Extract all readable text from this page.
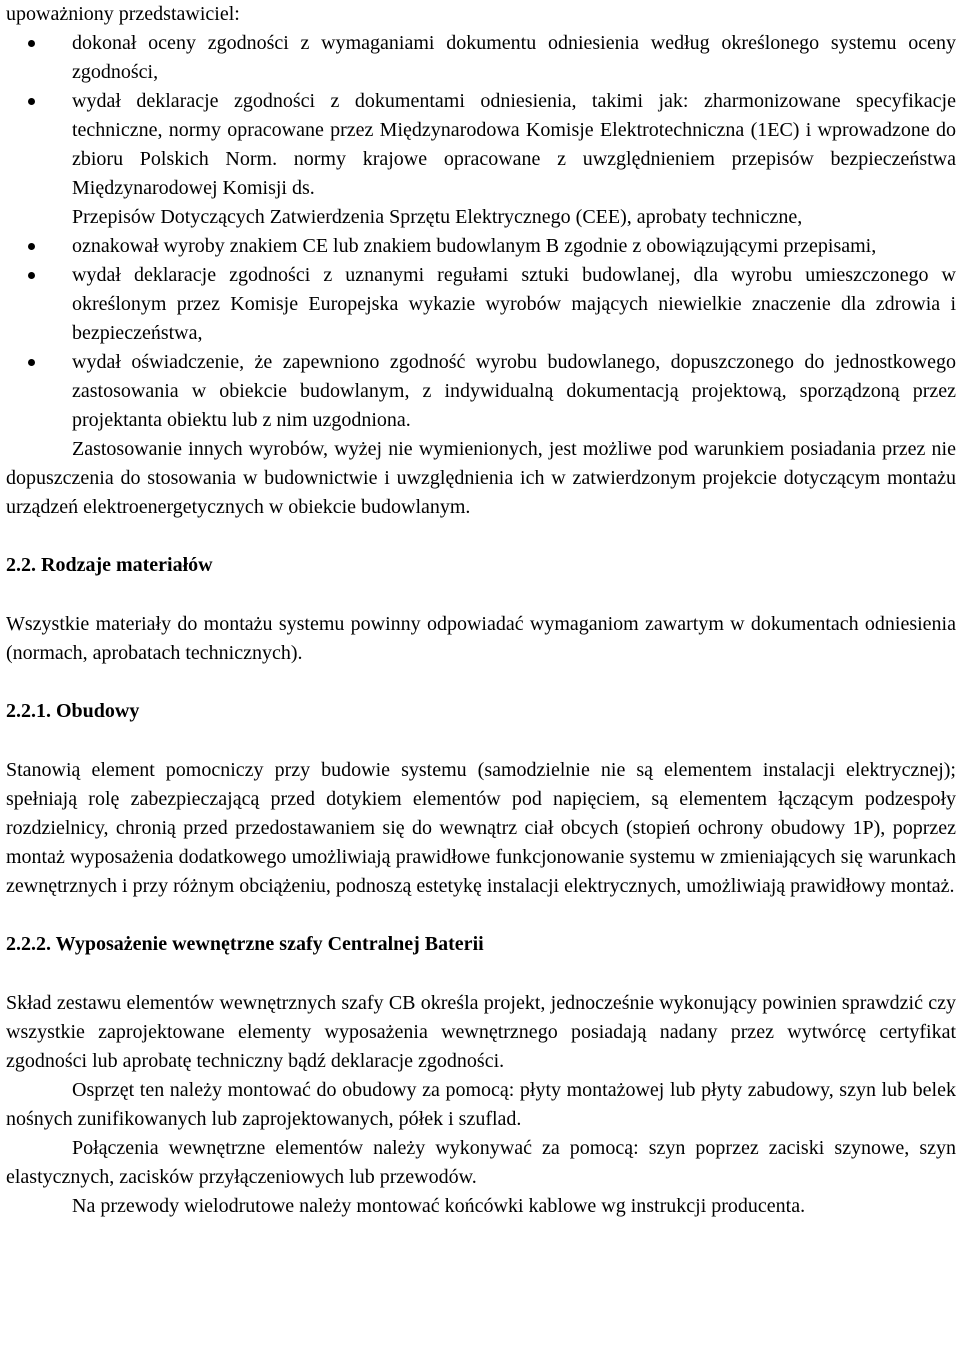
upoważniony przedstawiciel:

dokonał oceny zgodności z wymaganiami dokumentu odniesienia według określonego systemu oceny zgodności,
wydał deklaracje zgodności z dokumentami odniesienia, takimi jak: zharmonizowane specyfikacje techniczne, normy opracowane przez Międzynarodowa Komisje Elektrotechniczna (1EC) i wprowadzone do zbioru Polskich Norm. normy krajowe opracowane z uwzględnieniem przepisów bezpieczeństwa Międzynarodowej Komisji ds.

Przepisów Dotyczących Zatwierdzenia Sprzętu Elektrycznego (CEE), aprobaty techniczne,

oznakował wyroby znakiem CE lub znakiem budowlanym B zgodnie z obowiązującymi przepisami,
wydał deklaracje zgodności z uznanymi regułami sztuki budowlanej, dla wyrobu umieszczonego w określonym przez Komisje Europejska wykazie wyrobów mających niewielkie znaczenie dla zdrowia i bezpieczeństwa,
wydał oświadczenie, że zapewniono zgodność wyrobu budowlanego, dopuszczonego do jednostkowego zastosowania w obiekcie budowlanym, z indywidualną dokumentacją projektową, sporządzoną przez projektanta obiektu lub z nim uzgodniona.

Zastosowanie innych wyrobów, wyżej nie wymienionych, jest możliwe pod warunkiem posiadania przez nie dopuszczenia do stosowania w budownictwie i uwzględnienia ich w zatwierdzonym projekcie dotyczącym montażu urządzeń elektroenergetycznych w obiekcie budowlanym.

2.2. Rodzaje materiałów

Wszystkie materiały do montażu systemu powinny odpowiadać wymaganiom zawartym w dokumentach odniesienia (normach, aprobatach technicznych).

2.2.1. Obudowy

Stanowią element pomocniczy przy budowie systemu (samodzielnie nie są elementem instalacji elektrycznej); spełniają rolę zabezpieczającą przed dotykiem elementów pod napięciem, są elementem łączącym podzespoły rozdzielnicy, chronią przed przedostawaniem się do wewnątrz ciał obcych (stopień ochrony obudowy 1P), poprzez montaż wyposażenia dodatkowego umożliwiają prawidłowe funkcjonowanie systemu w zmieniających się warunkach zewnętrznych i przy różnym obciążeniu, podnoszą estetykę instalacji elektrycznych, umożliwiają prawidłowy montaż.

2.2.2. Wyposażenie wewnętrzne szafy Centralnej Baterii

Skład zestawu elementów wewnętrznych szafy CB określa projekt, jednocześnie wykonujący powinien sprawdzić czy wszystkie zaprojektowane elementy wyposażenia wewnętrznego posiadają nadany przez wytwórcę certyfikat zgodności lub aprobatę techniczny bądź deklaracje zgodności.

Osprzęt ten należy montować do obudowy za pomocą: płyty montażowej lub płyty zabudowy, szyn lub belek nośnych zunifikowanych lub zaprojektowanych, półek i szuflad.

Połączenia wewnętrzne elementów należy wykonywać za pomocą: szyn poprzez zaciski szynowe, szyn elastycznych, zacisków przyłączeniowych lub przewodów.

Na przewody wielodrutowe należy montować końcówki kablowe wg instrukcji producenta.
